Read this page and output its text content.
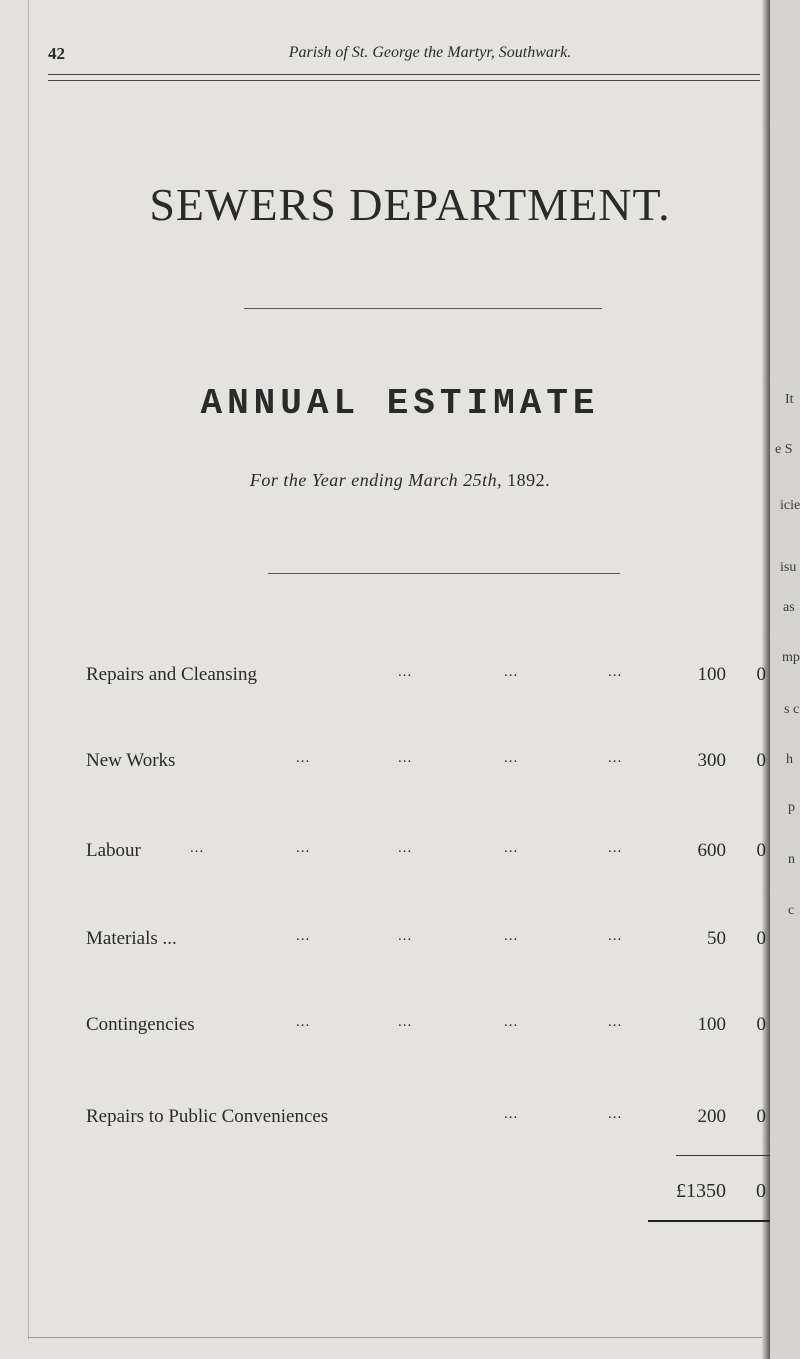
It
e S
icie
isu
as
mp
s c
h
p
n
c
42	Parish of St. George the Martyr, Southwark.
SEWERS DEPARTMENT.
ANNUAL ESTIMATE
For the Year ending March 25th, 1892.
Repairs and Cleansing	...	...	...	100	0
New Works	...	...	...	...	300	0
Labour	...	...	...	...	...	600	0
Materials ...	...	...	...	...	50	0
Contingencies	...	...	...	...	100	0
Repairs to Public Conveniences	...	...	200	0
£1350	0
